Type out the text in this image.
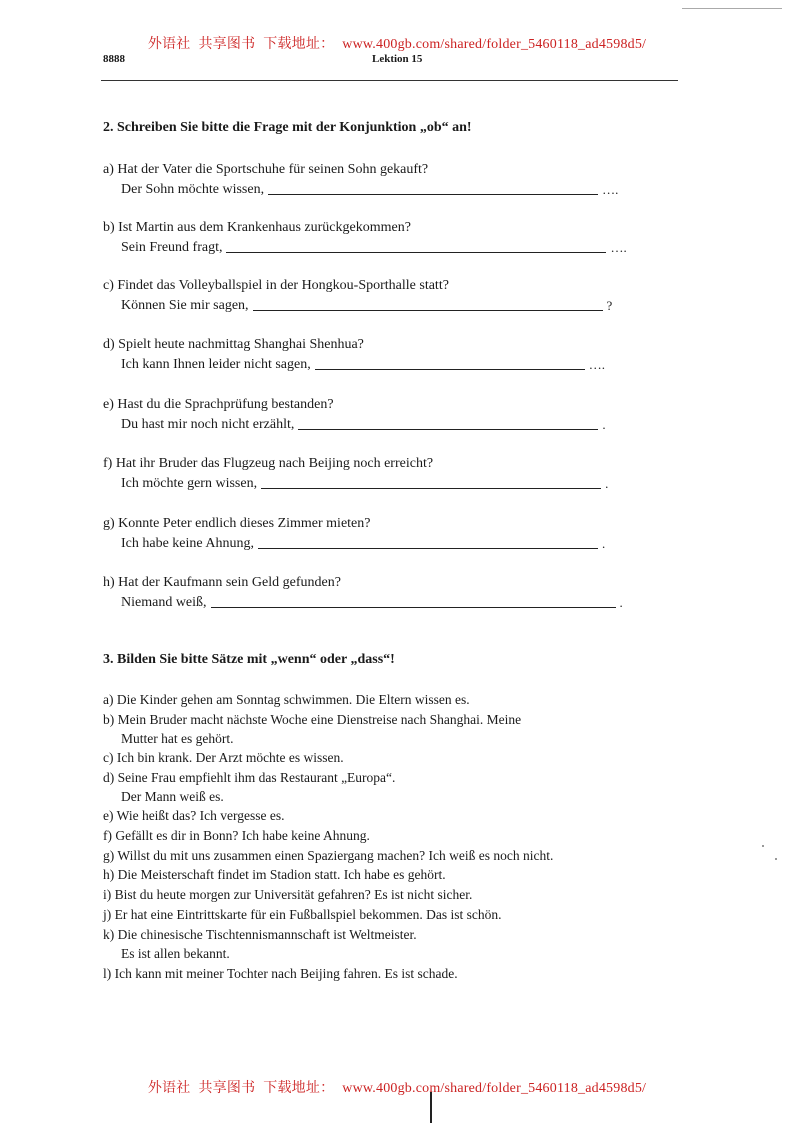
外语社 共享图书 下载地址： www.400gb.com/shared/folder_5460118_ad4598d5/
8888	Lektion 15
2. Schreiben Sie bitte die Frage mit der Konjunktion „ob“ an!
a) Hat der Vater die Sportschuhe für seinen Sohn gekauft?
Der Sohn möchte wissen,	….
b) Ist Martin aus dem Krankenhaus zurückgekommen?
Sein Freund fragt,	….
c) Findet das Volleyballspiel in der Hongkou-Sporthalle statt?
Können Sie mir sagen,	?
d) Spielt heute nachmittag Shanghai Shenhua?
Ich kann Ihnen leider nicht sagen,	….
e) Hast du die Sprachprüfung bestanden?
Du hast mir noch nicht erzählt,	.
f) Hat ihr Bruder das Flugzeug nach Beijing noch erreicht?
Ich möchte gern wissen,	.
g) Konnte Peter endlich dieses Zimmer mieten?
Ich habe keine Ahnung,	.
h) Hat der Kaufmann sein Geld gefunden?
Niemand weiß,	.
3. Bilden Sie bitte Sätze mit „wenn“ oder „dass“!
a) Die Kinder gehen am Sonntag schwimmen. Die Eltern wissen es.
b) Mein Bruder macht nächste Woche eine Dienstreise nach Shanghai. Meine
Mutter hat es gehört.
c) Ich bin krank. Der Arzt möchte es wissen.
d) Seine Frau empfiehlt ihm das Restaurant „Europa“.
Der Mann weiß es.
e) Wie heißt das? Ich vergesse es.
f) Gefällt es dir in Bonn? Ich habe keine Ahnung.
g) Willst du mit uns zusammen einen Spaziergang machen? Ich weiß es noch nicht.
h) Die Meisterschaft findet im Stadion statt. Ich habe es gehört.
i) Bist du heute morgen zur Universität gefahren? Es ist nicht sicher.
j) Er hat eine Eintrittskarte für ein Fußballspiel bekommen. Das ist schön.
k) Die chinesische Tischtennismannschaft ist Weltmeister.
Es ist allen bekannt.
l) Ich kann mit meiner Tochter nach Beijing fahren. Es ist schade.
外语社 共享图书 下载地址： www.400gb.com/shared/folder_5460118_ad4598d5/
